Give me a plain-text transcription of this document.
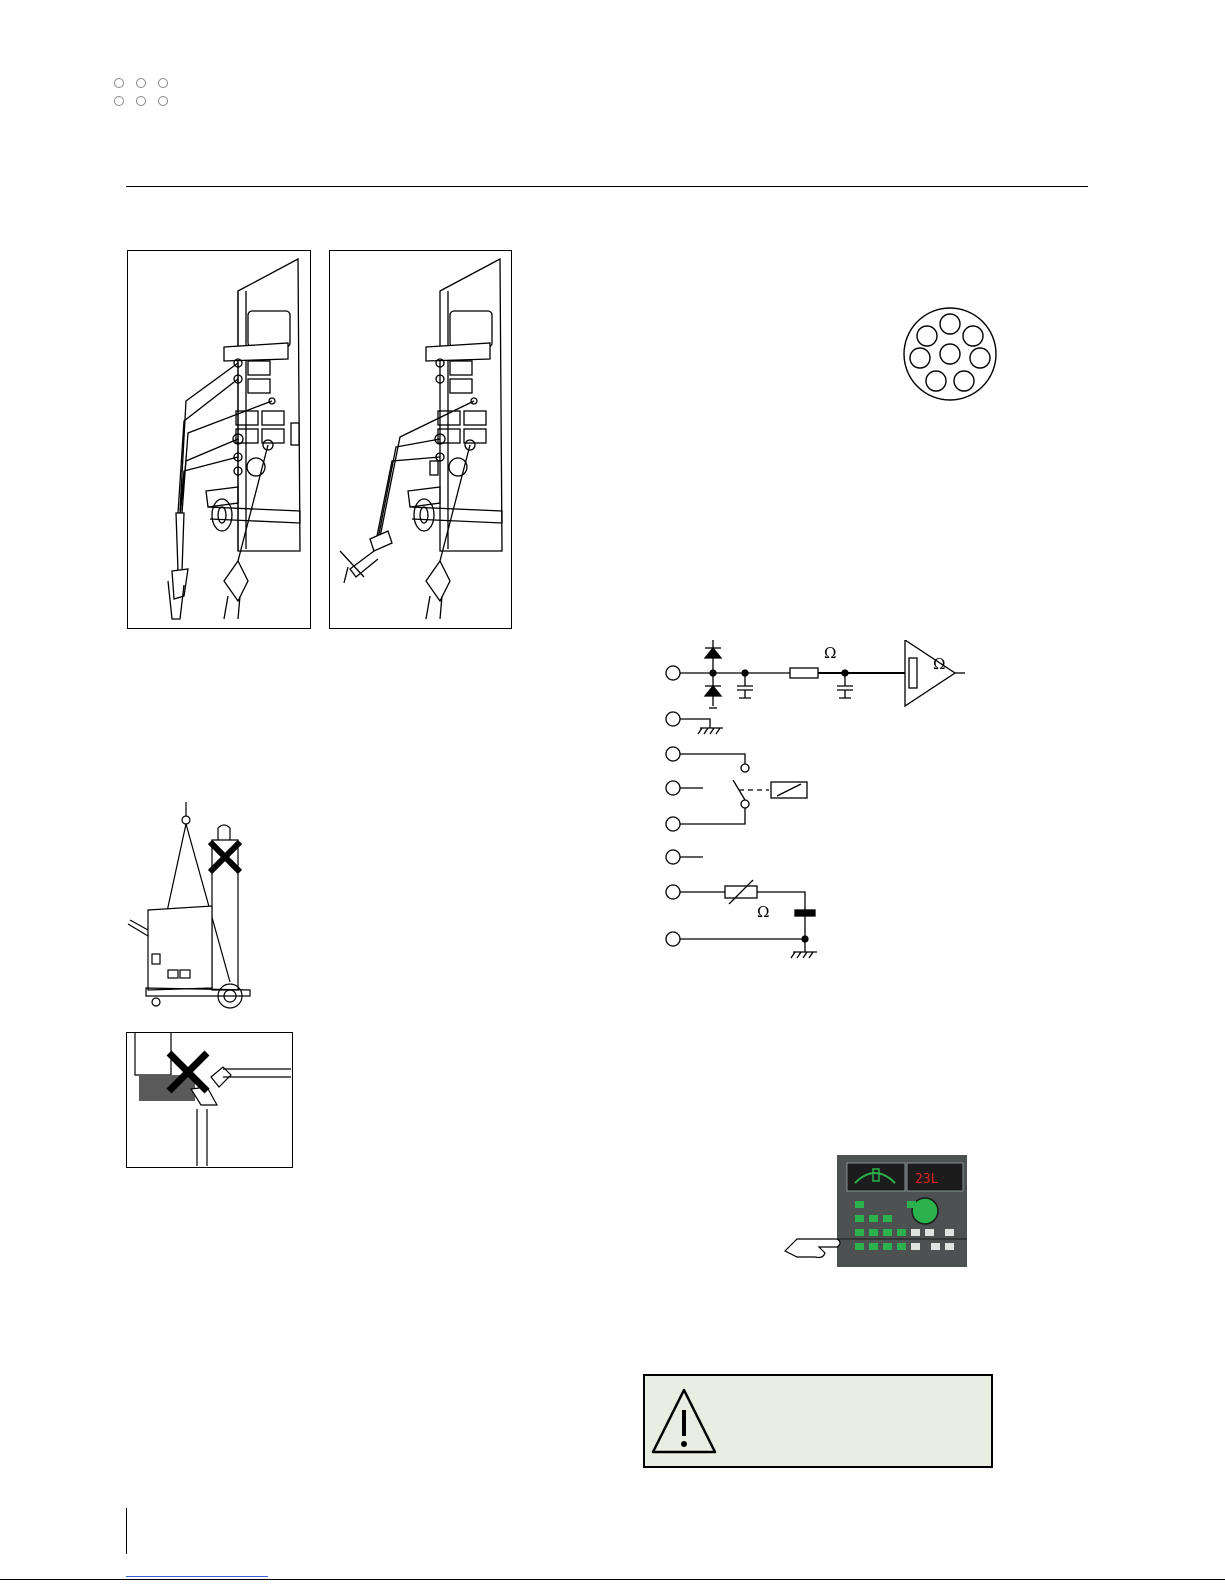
Ω
Ω
Ω
23L
